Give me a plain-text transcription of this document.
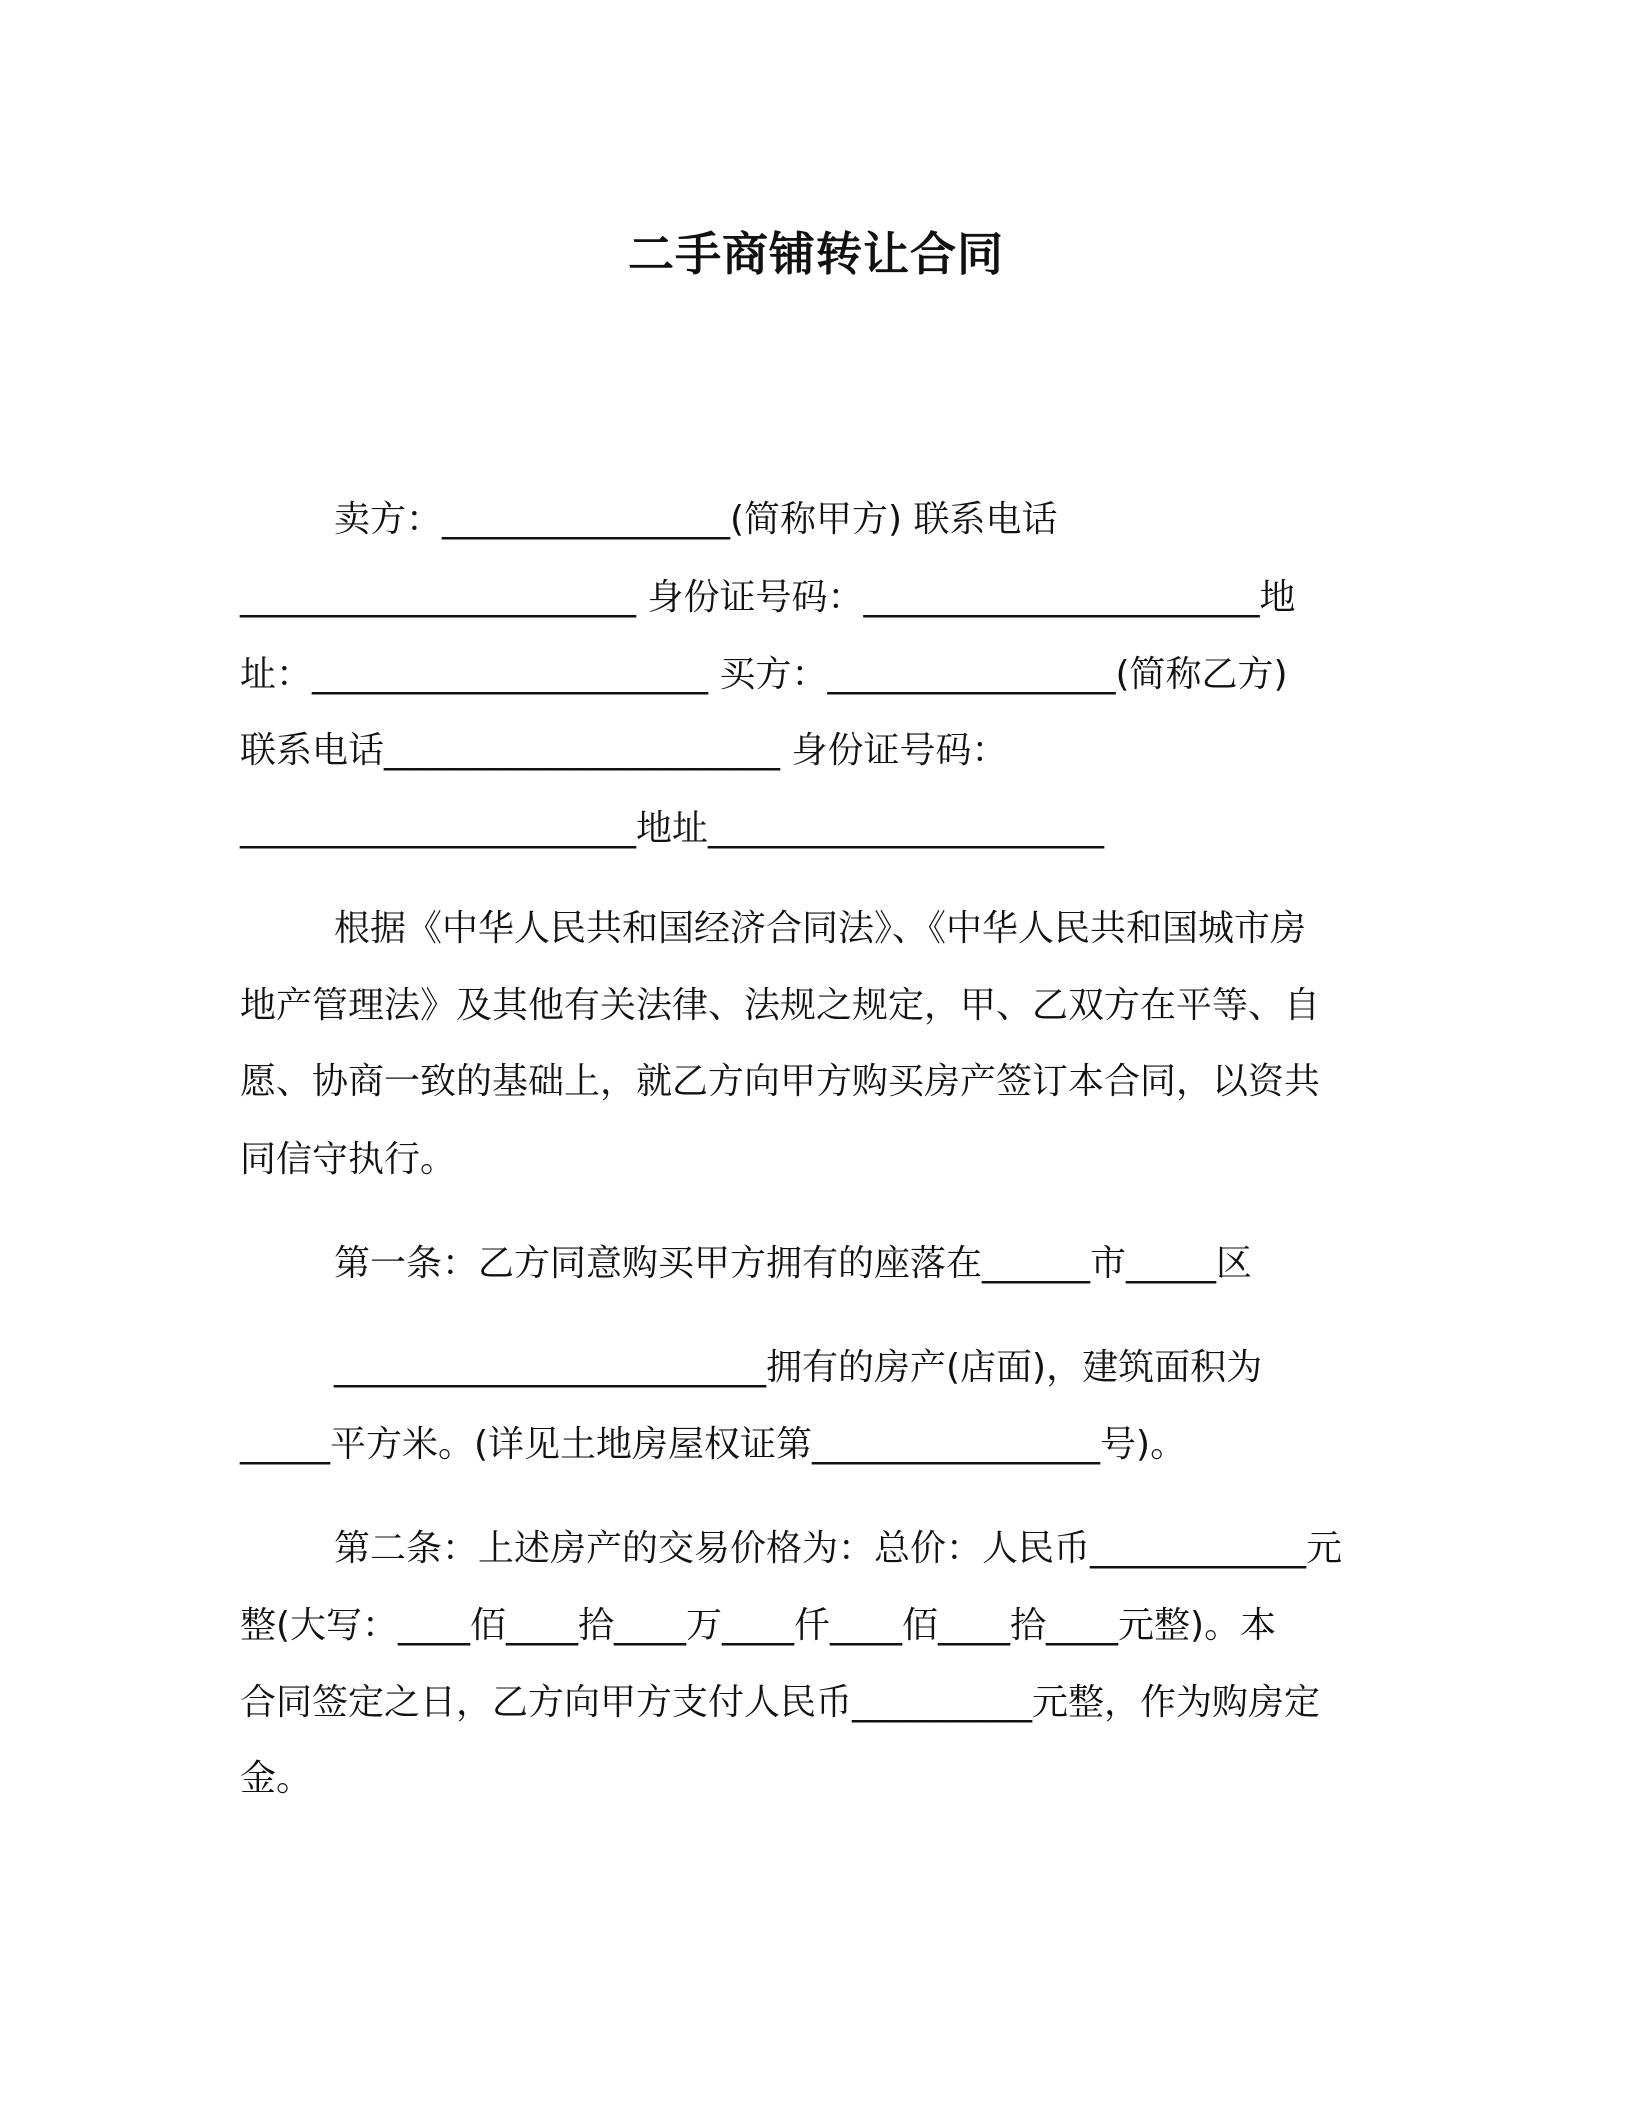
二手商铺转让合同

卖方：________________(简称甲方) 联系电话

______________________ 身份证号码：______________________地

址：______________________ 买方：________________(简称乙方)

联系电话______________________ 身份证号码：

______________________地址______________________

根据《中华人民共和国经济合同法》、《中华人民共和国城市房

地产管理法》及其他有关法律、法规之规定，甲、乙双方在平等、自

愿、协商一致的基础上，就乙方向甲方购买房产签订本合同，以资共

同信守执行。

第一条：乙方同意购买甲方拥有的座落在______市_____区

________________________拥有的房产(店面)，建筑面积为

_____平方米。(详见土地房屋权证第________________号)。

第二条：上述房产的交易价格为：总价：人民币____________元

整(大写：____佰____拾____万____仟____佰____拾____元整)。本

合同签定之日，乙方向甲方支付人民币__________元整，作为购房定

金。
